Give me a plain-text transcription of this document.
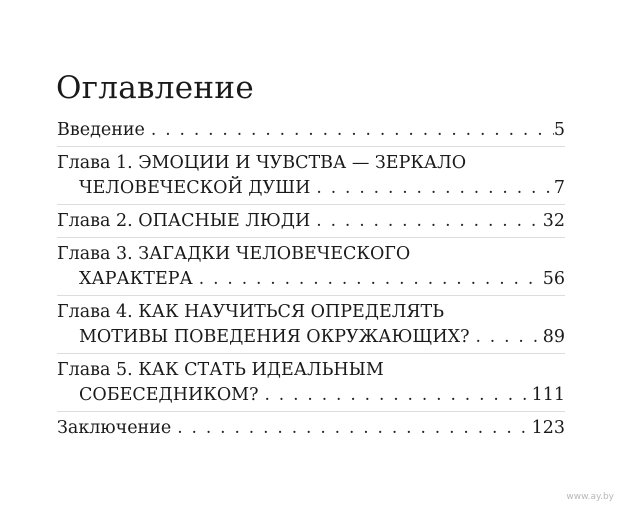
Оглавление
Введение . . .	5
Глава 1. ЭМОЦИИ И ЧУВСТВА — ЗЕРКАЛО
ЧЕЛОВЕЧЕСКОЙ ДУШИ . . .	7
Глава 2. ОПАСНЫЕ ЛЮДИ . . .	32
Глава 3. ЗАГАДКИ ЧЕЛОВЕЧЕСКОГО
ХАРАКТЕРА . . .	56
Глава 4. КАК НАУЧИТЬСЯ ОПРЕДЕЛЯТЬ
МОТИВЫ ПОВЕДЕНИЯ ОКРУЖАЮЩИХ? . . .	89
Глава 5. КАК СТАТЬ ИДЕАЛЬНЫМ
СОБЕСЕДНИКОМ? . . .	111
Заключение . . .	123
www.ay.by
